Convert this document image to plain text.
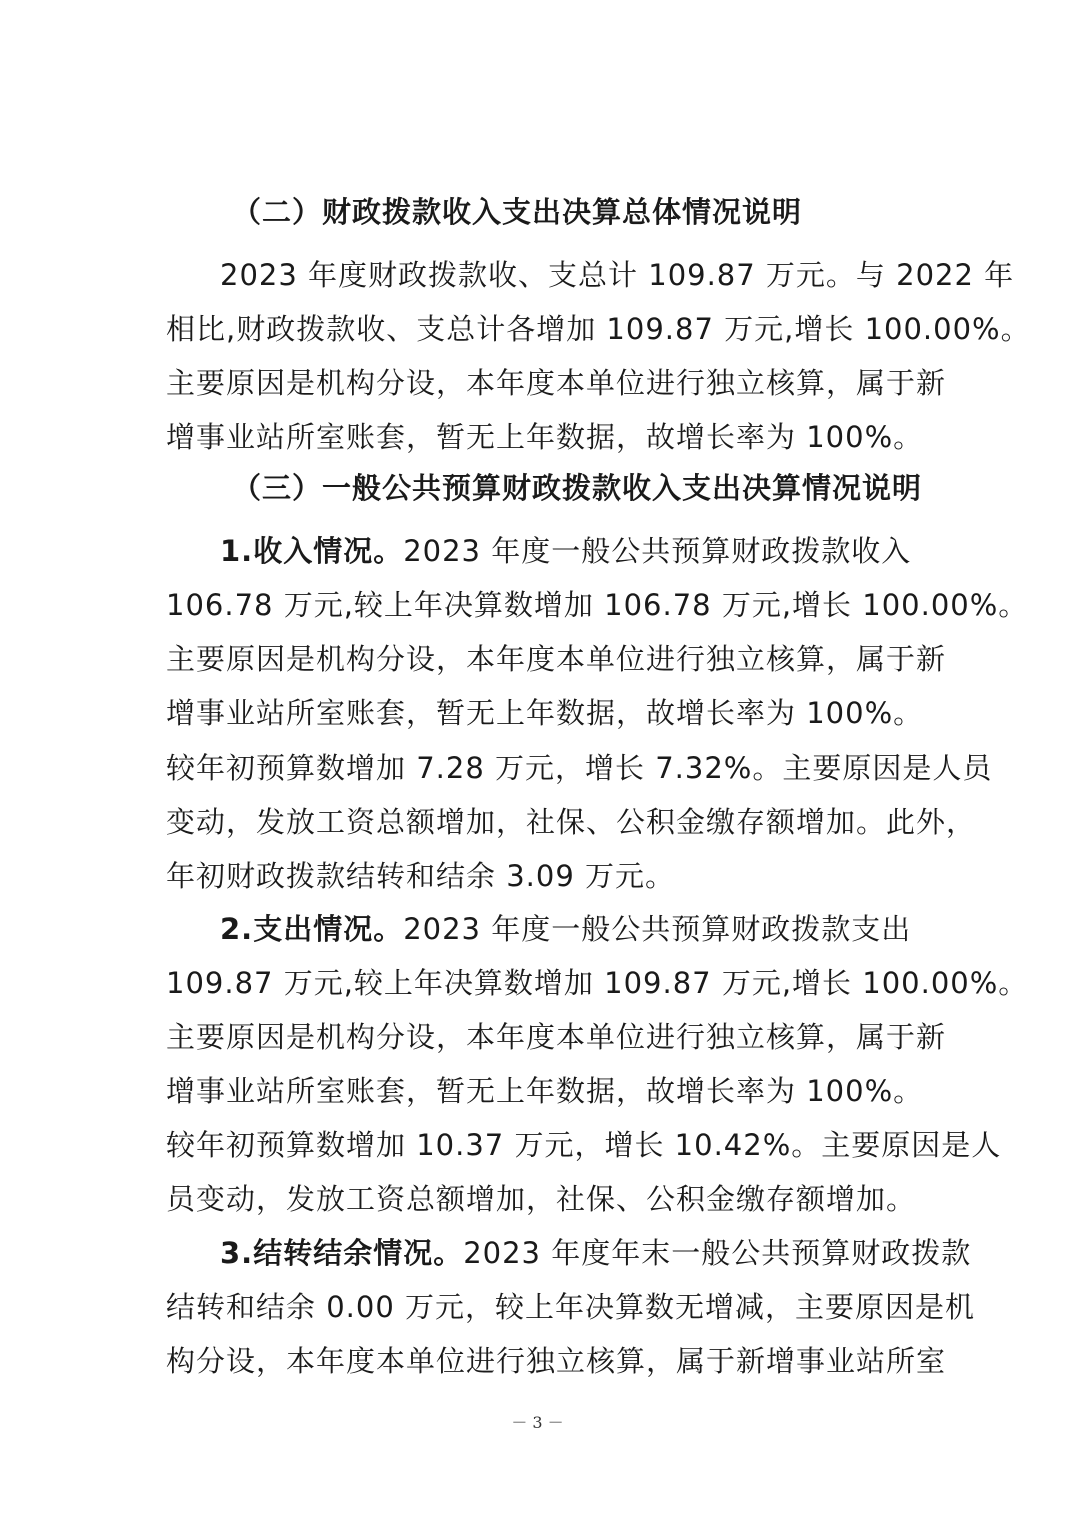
（二）财政拨款收入支出决算总体情况说明
2023 年度财政拨款收、支总计 109.87 万元。与 2022 年
相比,财政拨款收、支总计各增加 109.87 万元,增长 100.00%。
主要原因是机构分设，本年度本单位进行独立核算，属于新
增事业站所室账套，暂无上年数据，故增长率为 100%。
（三）一般公共预算财政拨款收入支出决算情况说明
1.收入情况。2023 年度一般公共预算财政拨款收入
106.78 万元,较上年决算数增加 106.78 万元,增长 100.00%。
主要原因是机构分设，本年度本单位进行独立核算，属于新
增事业站所室账套，暂无上年数据，故增长率为 100%。
较年初预算数增加 7.28 万元，增长 7.32%。主要原因是人员
变动，发放工资总额增加，社保、公积金缴存额增加。此外，
年初财政拨款结转和结余 3.09 万元。
2.支出情况。2023 年度一般公共预算财政拨款支出
109.87 万元,较上年决算数增加 109.87 万元,增长 100.00%。
主要原因是机构分设，本年度本单位进行独立核算，属于新
增事业站所室账套，暂无上年数据，故增长率为 100%。
较年初预算数增加 10.37 万元，增长 10.42%。主要原因是人
员变动，发放工资总额增加，社保、公积金缴存额增加。
3.结转结余情况。2023 年度年末一般公共预算财政拨款
结转和结余 0.00 万元，较上年决算数无增减，主要原因是机
构分设，本年度本单位进行独立核算，属于新增事业站所室
－ 3 －
